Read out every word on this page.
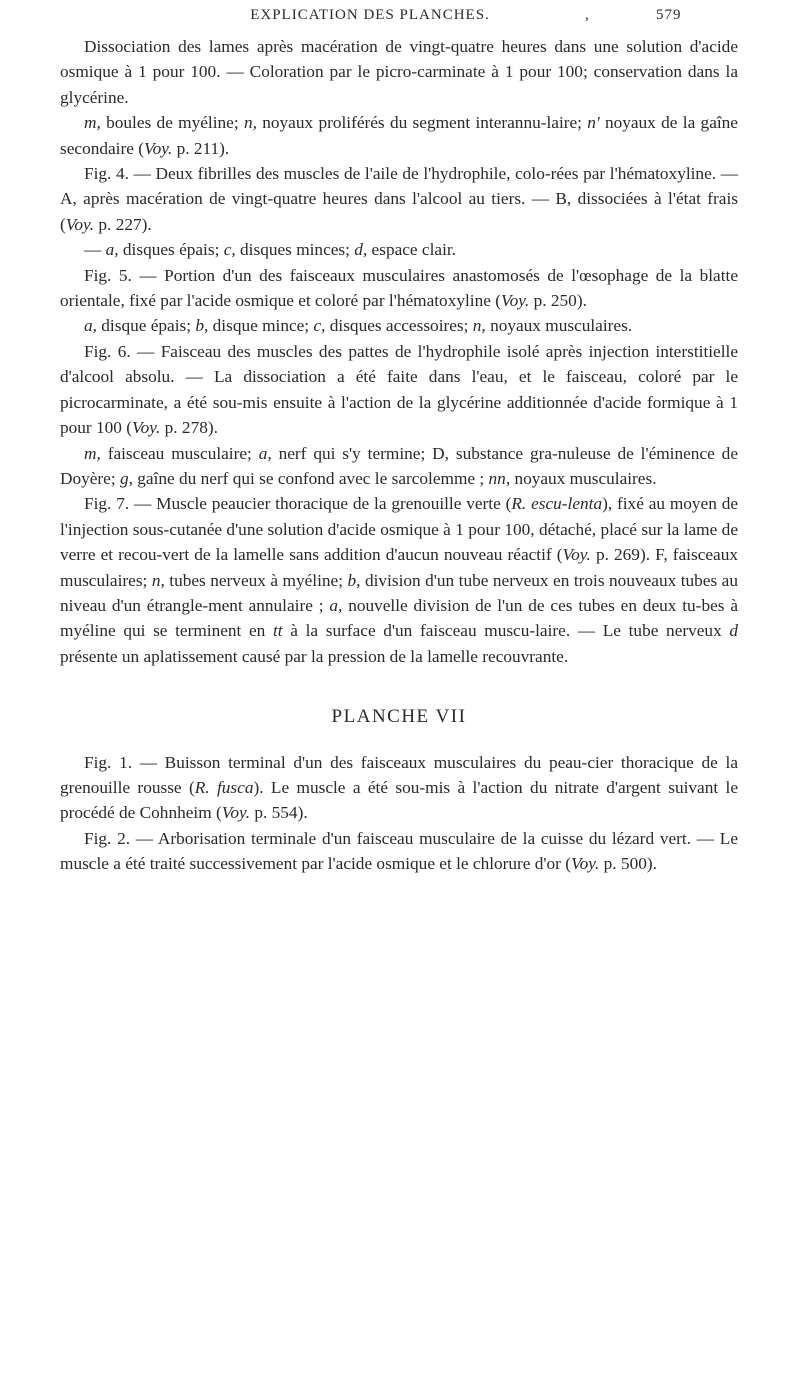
EXPLICATION DES PLANCHES.	,	579

Dissociation des lames après macération de vingt-quatre heures dans une solution d'acide osmique à 1 pour 100. — Coloration par le picro-carminate à 1 pour 100; conservation dans la glycérine.

m, boules de myéline; n, noyaux proliférés du segment interannu-laire; n' noyaux de la gaîne secondaire (Voy. p. 211).

Fig. 4. — Deux fibrilles des muscles de l'aile de l'hydrophile, colo-rées par l'hématoxyline. — A, après macération de vingt-quatre heures dans l'alcool au tiers. — B, dissociées à l'état frais (Voy. p. 227).

— a, disques épais; c, disques minces; d, espace clair.

Fig. 5. — Portion d'un des faisceaux musculaires anastomosés de l'œsophage de la blatte orientale, fixé par l'acide osmique et coloré par l'hématoxyline (Voy. p. 250).

a, disque épais; b, disque mince; c, disques accessoires; n, noyaux musculaires.

Fig. 6. — Faisceau des muscles des pattes de l'hydrophile isolé après injection interstitielle d'alcool absolu. — La dissociation a été faite dans l'eau, et le faisceau, coloré par le picrocarminate, a été sou-mis ensuite à l'action de la glycérine additionnée d'acide formique à 1 pour 100 (Voy. p. 278).

m, faisceau musculaire; a, nerf qui s'y termine; D, substance gra-nuleuse de l'éminence de Doyère; g, gaîne du nerf qui se confond avec le sarcolemme ; nn, noyaux musculaires.

Fig. 7. — Muscle peaucier thoracique de la grenouille verte (R. escu-lenta), fixé au moyen de l'injection sous-cutanée d'une solution d'acide osmique à 1 pour 100, détaché, placé sur la lame de verre et recou-vert de la lamelle sans addition d'aucun nouveau réactif (Voy. p. 269). F, faisceaux musculaires; n, tubes nerveux à myéline; b, division d'un tube nerveux en trois nouveaux tubes au niveau d'un étrangle-ment annulaire ; a, nouvelle division de l'un de ces tubes en deux tu-bes à myéline qui se terminent en tt à la surface d'un faisceau muscu-laire. — Le tube nerveux d présente un aplatissement causé par la pression de la lamelle recouvrante.

PLANCHE VII

Fig. 1. — Buisson terminal d'un des faisceaux musculaires du peau-cier thoracique de la grenouille rousse (R. fusca). Le muscle a été sou-mis à l'action du nitrate d'argent suivant le procédé de Cohnheim (Voy. p. 554).

Fig. 2. — Arborisation terminale d'un faisceau musculaire de la cuisse du lézard vert. — Le muscle a été traité successivement par l'acide osmique et le chlorure d'or (Voy. p. 500).
